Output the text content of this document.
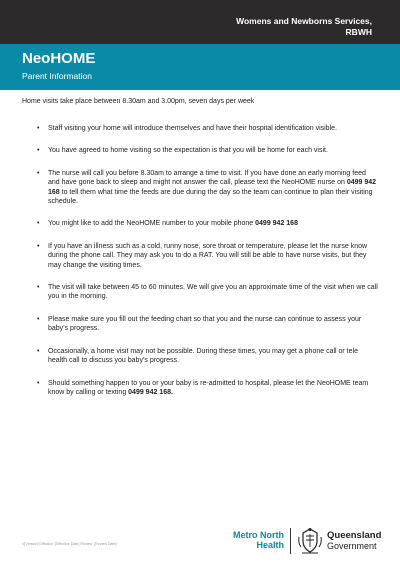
Womens and Newborns Services,
RBWH
NeoHOME
Parent Information
Home visits take place between 8.30am and 3.00pm, seven days per week
• Staff visiting your home will introduce themselves and have their hospital identification visible.
• You have agreed to home visiting so the expectation is that you will be home for each visit.
• The nurse will call you before 8.30am to arrange a time to visit. If you have done an early morning feed and have gone back to sleep and might not answer the call, please text the NeoHOME nurse on 0499 942 168 to tell them what time the feeds are due during the day so the team can continue to plan their visiting schedule.
• You might like to add the NeoHOME number to your mobile phone 0499 942 168
• If you have an illness such as a cold, runny nose, sore throat or temperature, please let the nurse know during the phone call. They may ask you to do a RAT. You will still be able to have nurse visits, but they may change the visiting times.
• The visit will take between 45 to 60 minutes. We will give you an approximate time of the visit when we call you in the morning.
• Please make sure you fill out the feeding chart so that you and the nurse can continue to assess your baby’s progress.
• Occasionally, a home visit may not be possible. During these times, you may get a phone call or tele health call to discuss you baby’s progress.
• Should something happen to you or your baby is re-admitted to hospital, please let the NeoHOME team know by calling or texting 0499 942 168.
V[Version] Effective: [Effective Date] Review: [Review Date]
Metro North
Health
Queensland
Government
